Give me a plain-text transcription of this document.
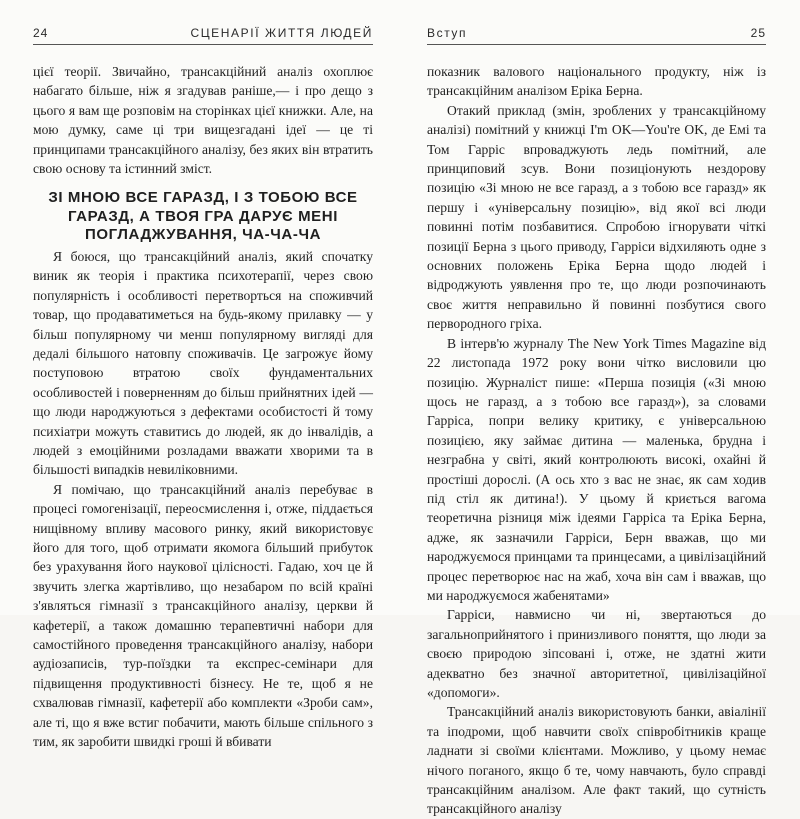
24	СЦЕНАРІЇ ЖИТТЯ ЛЮДЕЙ

цієї теорії. Звичайно, трансакційний аналіз охоплює набагато більше, ніж я згадував раніше,— і про дещо з цього я вам ще розповім на сторінках цієї книжки. Але, на мою думку, саме ці три вищезгадані ідеї — це ті принципами трансакційного аналізу, без яких він втратить свою основу та істинний зміст.

ЗІ МНОЮ ВСЕ ГАРАЗД, І З ТОБОЮ ВСЕ ГАРАЗД, А ТВОЯ ГРА ДАРУЄ МЕНІ ПОГЛАДЖУВАННЯ, ЧА-ЧА-ЧА

Я боюся, що трансакційний аналіз, який спочатку виник як теорія і практика психотерапії, через свою популярність і особливості перетворться на споживчий товар, що продаватиметься на будь-якому прилавку — у більш популярному чи менш популярному вигляді для дедалі більшого натовпу споживачів. Це загрожує йому поступовою втратою своїх фундаментальних особливостей і поверненням до більш прийнятних ідей — що люди народжуються з дефектами особистості й тому психіатри можуть ставитись до людей, як до інвалідів, а людей з емоційними розладами вважати хворими та в більшості випадків невиліковними.

Я помічаю, що трансакційний аналіз перебуває в процесі гомогенізації, переосмислення і, отже, піддається нищівному впливу масового ринку, який використовує його для того, щоб отримати якомога більший прибуток без урахування його наукової цілісності. Гадаю, хоч це й звучить злегка жартівливо, що незабаром по всій країні з'являться гімназії з трансакційного аналізу, церкви й кафетерії, а також домашню терапевтичні набори для самостійного проведення трансакційного аналізу, набори аудіозаписів, тур-поїздки та експрес-семінари для підвищення продуктивності бізнесу. Не те, щоб я не схвалював гімназії, кафетерії або комплекти «Зроби сам», але ті, що я вже встиг побачити, мають більше спільного з тим, як заробити швидкі гроші й вбивати

Вступ	25

показник валового національного продукту, ніж із трансакційним аналізом Еріка Берна.

Отакий приклад (змін, зроблених у трансакційному аналізі) помітний у книжці I'm OK—You're OK, де Емі та Том Гарріс впроваджують ледь помітний, але принциповий зсув. Вони позиціонують нездорову позицію «Зі мною не все гаразд, а з тобою все гаразд» як першу і «універсальну позицію», від якої всі люди повинні потім позбавитися. Спробою ігнорувати чіткі позиції Берна з цього приводу, Гарріси відхиляють одне з основних положень Еріка Берна щодо людей і відроджують уявлення про те, що люди розпочинають своє життя неправильно й повинні позбутися свого первородного гріха.

В інтерв'ю журналу The New York Times Magazine від 22 листопада 1972 року вони чітко висловили цю позицію. Журналіст пише: «Перша позиція («Зі мною щось не гаразд, а з тобою все гаразд»), за словами Гарріса, попри велику критику, є універсальною позицією, яку займає дитина — маленька, брудна і незграбна у світі, який контролюють високі, охайні й простіші дорослі. (А ось хто з вас не знає, як сам ходив під стіл як дитина!). У цьому й криється вагома теоретична різниця між ідеями Гарріса та Еріка Берна, адже, як зазначили Гарріси, Берн вважав, що ми народжуємося принцами та принцесами, а цивілізаційний процес перетворює нас на жаб, хоча він сам і вважав, що ми народжуємося жабенятами»

Гарріси, навмисно чи ні, звертаються до загальноприйнятого і принизливого поняття, що люди за своєю природою зіпсовані і, отже, не здатні жити адекватно без значної авторитетної, цивілізаційної «допомоги».

Трансакційний аналіз використовують банки, авіалінії та іподроми, щоб навчити своїх співробітників краще ладнати зі своїми клієнтами. Можливо, у цьому немає нічого поганого, якщо б те, чому навчають, було справді трансакційним аналізом. Але факт такий, що сутність трансакційного аналізу
